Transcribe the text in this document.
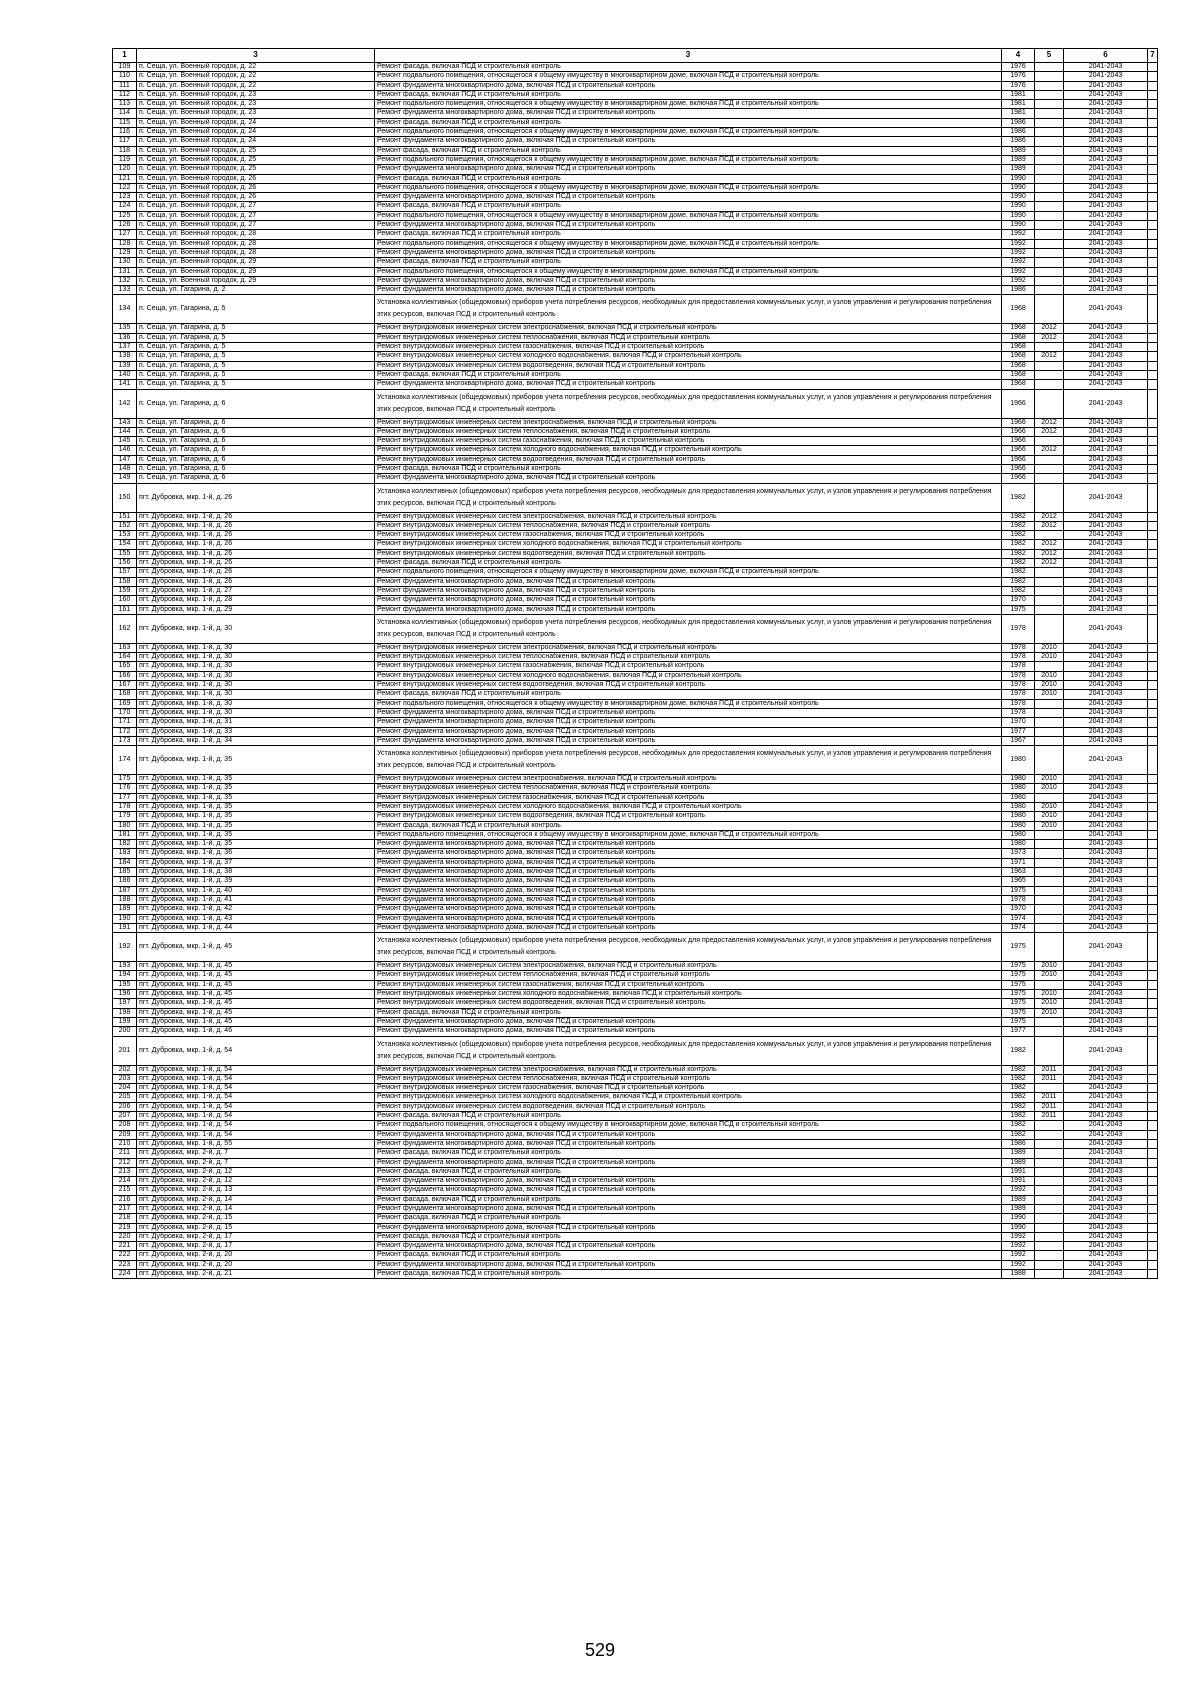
1	3	3	4	5	6	7
109	п. Сеща, ул. Военный городок, д. 22	Ремонт фасада, включая ПСД и строительный контроль	1976		2041-2043	
110	п. Сеща, ул. Военный городок, д. 22	Ремонт подвального помещения, относящегося к общему имуществу в многоквартирном доме, включая ПСД и строительный контроль	1976		2041-2043	
111	п. Сеща, ул. Военный городок, д. 22	Ремонт фундамента многоквартирного дома, включая ПСД и строительный контроль	1976		2041-2043	
112	п. Сеща, ул. Военный городок, д. 23	Ремонт фасада, включая ПСД и строительный контроль	1981		2041-2043	
113	п. Сеща, ул. Военный городок, д. 23	Ремонт подвального помещения, относящегося к общему имуществу в многоквартирном доме, включая ПСД и строительный контроль	1981		2041-2043	
114	п. Сеща, ул. Военный городок, д. 23	Ремонт фундамента многоквартирного дома, включая ПСД и строительный контроль	1981		2041-2043	
115	п. Сеща, ул. Военный городок, д. 24	Ремонт фасада, включая ПСД и строительный контроль	1986		2041-2043	
116	п. Сеща, ул. Военный городок, д. 24	Ремонт подвального помещения, относящегося к общему имуществу в многоквартирном доме, включая ПСД и строительный контроль	1986		2041-2043	
117	п. Сеща, ул. Военный городок, д. 24	Ремонт фундамента многоквартирного дома, включая ПСД и строительный контроль	1986		2041-2043	
118	п. Сеща, ул. Военный городок, д. 25	Ремонт фасада, включая ПСД и строительный контроль	1989		2041-2043	
119	п. Сеща, ул. Военный городок, д. 25	Ремонт подвального помещения, относящегося к общему имуществу в многоквартирном доме, включая ПСД и строительный контроль	1989		2041-2043	
120	п. Сеща, ул. Военный городок, д. 25	Ремонт фундамента многоквартирного дома, включая ПСД и строительный контроль	1989		2041-2043	
121	п. Сеща, ул. Военный городок, д. 26	Ремонт фасада, включая ПСД и строительный контроль	1990		2041-2043	
122	п. Сеща, ул. Военный городок, д. 26	Ремонт подвального помещения, относящегося к общему имуществу в многоквартирном доме, включая ПСД и строительный контроль	1990		2041-2043	
123	п. Сеща, ул. Военный городок, д. 26	Ремонт фундамента многоквартирного дома, включая ПСД и строительный контроль	1990		2041-2043	
124	п. Сеща, ул. Военный городок, д. 27	Ремонт фасада, включая ПСД и строительный контроль	1990		2041-2043	
125	п. Сеща, ул. Военный городок, д. 27	Ремонт подвального помещения, относящегося к общему имуществу в многоквартирном доме, включая ПСД и строительный контроль	1990		2041-2043	
126	п. Сеща, ул. Военный городок, д. 27	Ремонт фундамента многоквартирного дома, включая ПСД и строительный контроль	1990		2041-2043	
127	п. Сеща, ул. Военный городок, д. 28	Ремонт фасада, включая ПСД и строительный контроль	1992		2041-2043	
128	п. Сеща, ул. Военный городок, д. 28	Ремонт подвального помещения, относящегося к общему имуществу в многоквартирном доме, включая ПСД и строительный контроль	1992		2041-2043	
129	п. Сеща, ул. Военный городок, д. 28	Ремонт фундамента многоквартирного дома, включая ПСД и строительный контроль	1992		2041-2043	
130	п. Сеща, ул. Военный городок, д. 29	Ремонт фасада, включая ПСД и строительный контроль	1992		2041-2043	
131	п. Сеща, ул. Военный городок, д. 29	Ремонт подвального помещения, относящегося к общему имуществу в многоквартирном доме, включая ПСД и строительный контроль	1992		2041-2043	
132	п. Сеща, ул. Военный городок, д. 29	Ремонт фундамента многоквартирного дома, включая ПСД и строительный контроль	1992		2041-2043	
133	п. Сеща, ул. Гагарина, д. 2	Ремонт фундамента многоквартирного дома, включая ПСД и строительный контроль	1986		2041-2043	
134	п. Сеща, ул. Гагарина, д. 5	Установка коллективных (общедомовых) приборов учета потребления ресурсов, необходимых для предоставления коммунальных услуг, и узлов управления и регулирования потребления этих ресурсов, включая ПСД и строительный контроль	1968		2041-2043	
135	п. Сеща, ул. Гагарина, д. 5	Ремонт внутридомовых инженерных систем электроснабжения, включая ПСД и строительный контроль	1968	2012	2041-2043	
136	п. Сеща, ул. Гагарина, д. 5	Ремонт внутридомовых инженерных систем теплоснабжения, включая ПСД и строительный контроль	1968	2012	2041-2043	
137	п. Сеща, ул. Гагарина, д. 5	Ремонт внутридомовых инженерных систем газоснабжения, включая ПСД и строительный контроль	1968		2041-2043	
138	п. Сеща, ул. Гагарина, д. 5	Ремонт внутридомовых инженерных систем холодного водоснабжения, включая ПСД и строительный контроль	1968	2012	2041-2043	
139	п. Сеща, ул. Гагарина, д. 5	Ремонт внутридомовых инженерных систем водоотведения, включая ПСД и строительный контроль	1968		2041-2043	
140	п. Сеща, ул. Гагарина, д. 5	Ремонт фасада, включая ПСД и строительный контроль	1968		2041-2043	
141	п. Сеща, ул. Гагарина, д. 5	Ремонт фундамента многоквартирного дома, включая ПСД и строительный контроль	1968		2041-2043	
142	п. Сеща, ул. Гагарина, д. 6	Установка коллективных (общедомовых) приборов учета потребления ресурсов, необходимых для предоставления коммунальных услуг, и узлов управления и регулирования потребления этих ресурсов, включая ПСД и строительный контроль	1966		2041-2043	
143	п. Сеща, ул. Гагарина, д. 6	Ремонт внутридомовых инженерных систем электроснабжения, включая ПСД и строительный контроль	1966	2012	2041-2043	
144	п. Сеща, ул. Гагарина, д. 6	Ремонт внутридомовых инженерных систем теплоснабжения, включая ПСД и строительный контроль	1966	2012	2041-2043	
145	п. Сеща, ул. Гагарина, д. 6	Ремонт внутридомовых инженерных систем газоснабжения, включая ПСД и строительный контроль	1966		2041-2043	
146	п. Сеща, ул. Гагарина, д. 6	Ремонт внутридомовых инженерных систем холодного водоснабжения, включая ПСД и строительный контроль	1966	2012	2041-2043	
147	п. Сеща, ул. Гагарина, д. 6	Ремонт внутридомовых инженерных систем водоотведения, включая ПСД и строительный контроль	1966		2041-2043	
148	п. Сеща, ул. Гагарина, д. 6	Ремонт фасада, включая ПСД и строительный контроль	1966		2041-2043	
149	п. Сеща, ул. Гагарина, д. 6	Ремонт фундамента многоквартирного дома, включая ПСД и строительный контроль	1966		2041-2043	
150	пгт. Дубровка, мкр. 1-й, д. 26	Установка коллективных (общедомовых) приборов учета потребления ресурсов, необходимых для предоставления коммунальных услуг, и узлов управления и регулирования потребления этих ресурсов, включая ПСД и строительный контроль	1982		2041-2043	
151	пгт. Дубровка, мкр. 1-й, д. 26	Ремонт внутридомовых инженерных систем электроснабжения, включая ПСД и строительный контроль	1982	2012	2041-2043	
152	пгт. Дубровка, мкр. 1-й, д. 26	Ремонт внутридомовых инженерных систем теплоснабжения, включая ПСД и строительный контроль	1982	2012	2041-2043	
153	пгт. Дубровка, мкр. 1-й, д. 26	Ремонт внутридомовых инженерных систем газоснабжения, включая ПСД и строительный контроль	1982		2041-2043	
154	пгт. Дубровка, мкр. 1-й, д. 26	Ремонт внутридомовых инженерных систем холодного водоснабжения, включая ПСД и строительный контроль	1982	2012	2041-2043	
155	пгт. Дубровка, мкр. 1-й, д. 26	Ремонт внутридомовых инженерных систем водоотведения, включая ПСД и строительный контроль	1982	2012	2041-2043	
156	пгт. Дубровка, мкр. 1-й, д. 26	Ремонт фасада, включая ПСД и строительный контроль	1982	2012	2041-2043	
157	пгт. Дубровка, мкр. 1-й, д. 26	Ремонт подвального помещения, относящегося к общему имуществу в многоквартирном доме, включая ПСД и строительный контроль	1982		2041-2043	
158	пгт. Дубровка, мкр. 1-й, д. 26	Ремонт фундамента многоквартирного дома, включая ПСД и строительный контроль	1982		2041-2043	
159	пгт. Дубровка, мкр. 1-й, д. 27	Ремонт фундамента многоквартирного дома, включая ПСД и строительный контроль	1982		2041-2043	
160	пгт. Дубровка, мкр. 1-й, д. 28	Ремонт фундамента многоквартирного дома, включая ПСД и строительный контроль	1970		2041-2043	
161	пгт. Дубровка, мкр. 1-й, д. 29	Ремонт фундамента многоквартирного дома, включая ПСД и строительный контроль	1975		2041-2043	
162	пгт. Дубровка, мкр. 1-й, д. 30	Установка коллективных (общедомовых) приборов учета потребления ресурсов, необходимых для предоставления коммунальных услуг, и узлов управления и регулирования потребления этих ресурсов, включая ПСД и строительный контроль	1978		2041-2043	
163	пгт. Дубровка, мкр. 1-й, д. 30	Ремонт внутридомовых инженерных систем электроснабжения, включая ПСД и строительный контроль	1978	2010	2041-2043	
164	пгт. Дубровка, мкр. 1-й, д. 30	Ремонт внутридомовых инженерных систем теплоснабжения, включая ПСД и строительный контроль	1978	2010	2041-2043	
165	пгт. Дубровка, мкр. 1-й, д. 30	Ремонт внутридомовых инженерных систем газоснабжения, включая ПСД и строительный контроль	1978		2041-2043	
166	пгт. Дубровка, мкр. 1-й, д. 30	Ремонт внутридомовых инженерных систем холодного водоснабжения, включая ПСД и строительный контроль	1978	2010	2041-2043	
167	пгт. Дубровка, мкр. 1-й, д. 30	Ремонт внутридомовых инженерных систем водоотведения, включая ПСД и строительный контроль	1978	2010	2041-2043	
168	пгт. Дубровка, мкр. 1-й, д. 30	Ремонт фасада, включая ПСД и строительный контроль	1978	2010	2041-2043	
169	пгт. Дубровка, мкр. 1-й, д. 30	Ремонт подвального помещения, относящегося к общему имуществу в многоквартирном доме, включая ПСД и строительный контроль	1978		2041-2043	
170	пгт. Дубровка, мкр. 1-й, д. 30	Ремонт фундамента многоквартирного дома, включая ПСД и строительный контроль	1978		2041-2043	
171	пгт. Дубровка, мкр. 1-й, д. 31	Ремонт фундамента многоквартирного дома, включая ПСД и строительный контроль	1970		2041-2043	
172	пгт. Дубровка, мкр. 1-й, д. 33	Ремонт фундамента многоквартирного дома, включая ПСД и строительный контроль	1977		2041-2043	
173	пгт. Дубровка, мкр. 1-й, д. 34	Ремонт фундамента многоквартирного дома, включая ПСД и строительный контроль	1967		2041-2043	
174	пгт. Дубровка, мкр. 1-й, д. 35	Установка коллективных (общедомовых) приборов учета потребления ресурсов, необходимых для предоставления коммунальных услуг, и узлов управления и регулирования потребления этих ресурсов, включая ПСД и строительный контроль	1980		2041-2043	
175	пгт. Дубровка, мкр. 1-й, д. 35	Ремонт внутридомовых инженерных систем электроснабжения, включая ПСД и строительный контроль	1980	2010	2041-2043	
176	пгт. Дубровка, мкр. 1-й, д. 35	Ремонт внутридомовых инженерных систем теплоснабжения, включая ПСД и строительный контроль	1980	2010	2041-2043	
177	пгт. Дубровка, мкр. 1-й, д. 35	Ремонт внутридомовых инженерных систем газоснабжения, включая ПСД и строительный контроль	1980		2041-2043	
178	пгт. Дубровка, мкр. 1-й, д. 35	Ремонт внутридомовых инженерных систем холодного водоснабжения, включая ПСД и строительный контроль	1980	2010	2041-2043	
179	пгт. Дубровка, мкр. 1-й, д. 35	Ремонт внутридомовых инженерных систем водоотведения, включая ПСД и строительный контроль	1980	2010	2041-2043	
180	пгт. Дубровка, мкр. 1-й, д. 35	Ремонт фасада, включая ПСД и строительный контроль	1980	2010	2041-2043	
181	пгт. Дубровка, мкр. 1-й, д. 35	Ремонт подвального помещения, относящегося к общему имуществу в многоквартирном доме, включая ПСД и строительный контроль	1980		2041-2043	
182	пгт. Дубровка, мкр. 1-й, д. 35	Ремонт фундамента многоквартирного дома, включая ПСД и строительный контроль	1980		2041-2043	
183	пгт. Дубровка, мкр. 1-й, д. 36	Ремонт фундамента многоквартирного дома, включая ПСД и строительный контроль	1973		2041-2043	
184	пгт. Дубровка, мкр. 1-й, д. 37	Ремонт фундамента многоквартирного дома, включая ПСД и строительный контроль	1971		2041-2043	
185	пгт. Дубровка, мкр. 1-й, д. 38	Ремонт фундамента многоквартирного дома, включая ПСД и строительный контроль	1963		2041-2043	
186	пгт. Дубровка, мкр. 1-й, д. 39	Ремонт фундамента многоквартирного дома, включая ПСД и строительный контроль	1965		2041-2043	
187	пгт. Дубровка, мкр. 1-й, д. 40	Ремонт фундамента многоквартирного дома, включая ПСД и строительный контроль	1975		2041-2043	
188	пгт. Дубровка, мкр. 1-й, д. 41	Ремонт фундамента многоквартирного дома, включая ПСД и строительный контроль	1978		2041-2043	
189	пгт. Дубровка, мкр. 1-й, д. 42	Ремонт фундамента многоквартирного дома, включая ПСД и строительный контроль	1970		2041-2043	
190	пгт. Дубровка, мкр. 1-й, д. 43	Ремонт фундамента многоквартирного дома, включая ПСД и строительный контроль	1974		2041-2043	
191	пгт. Дубровка, мкр. 1-й, д. 44	Ремонт фундамента многоквартирного дома, включая ПСД и строительный контроль	1974		2041-2043	
192	пгт. Дубровка, мкр. 1-й, д. 45	Установка коллективных (общедомовых) приборов учета потребления ресурсов, необходимых для предоставления коммунальных услуг, и узлов управления и регулирования потребления этих ресурсов, включая ПСД и строительный контроль	1975		2041-2043	
193	пгт. Дубровка, мкр. 1-й, д. 45	Ремонт внутридомовых инженерных систем электроснабжения, включая ПСД и строительный контроль	1975	2010	2041-2043	
194	пгт. Дубровка, мкр. 1-й, д. 45	Ремонт внутридомовых инженерных систем теплоснабжения, включая ПСД и строительный контроль	1975	2010	2041-2043	
195	пгт. Дубровка, мкр. 1-й, д. 45	Ремонт внутридомовых инженерных систем газоснабжения, включая ПСД и строительный контроль	1975		2041-2043	
196	пгт. Дубровка, мкр. 1-й, д. 45	Ремонт внутридомовых инженерных систем холодного водоснабжения, включая ПСД и строительный контроль	1975	2010	2041-2043	
197	пгт. Дубровка, мкр. 1-й, д. 45	Ремонт внутридомовых инженерных систем водоотведения, включая ПСД и строительный контроль	1975	2010	2041-2043	
198	пгт. Дубровка, мкр. 1-й, д. 45	Ремонт фасада, включая ПСД и строительный контроль	1975	2010	2041-2043	
199	пгт. Дубровка, мкр. 1-й, д. 45	Ремонт фундамента многоквартирного дома, включая ПСД и строительный контроль	1975		2041-2043	
200	пгт. Дубровка, мкр. 1-й, д. 46	Ремонт фундамента многоквартирного дома, включая ПСД и строительный контроль	1977		2041-2043	
201	пгт. Дубровка, мкр. 1-й, д. 54	Установка коллективных (общедомовых) приборов учета потребления ресурсов, необходимых для предоставления коммунальных услуг, и узлов управления и регулирования потребления этих ресурсов, включая ПСД и строительный контроль	1982		2041-2043	
202	пгт. Дубровка, мкр. 1-й, д. 54	Ремонт внутридомовых инженерных систем электроснабжения, включая ПСД и строительный контроль	1982	2011	2041-2043	
203	пгт. Дубровка, мкр. 1-й, д. 54	Ремонт внутридомовых инженерных систем теплоснабжения, включая ПСД и строительный контроль	1982	2011	2041-2043	
204	пгт. Дубровка, мкр. 1-й, д. 54	Ремонт внутридомовых инженерных систем газоснабжения, включая ПСД и строительный контроль	1982		2041-2043	
205	пгт. Дубровка, мкр. 1-й, д. 54	Ремонт внутридомовых инженерных систем холодного водоснабжения, включая ПСД и строительный контроль	1982	2011	2041-2043	
206	пгт. Дубровка, мкр. 1-й, д. 54	Ремонт внутридомовых инженерных систем водоотведения, включая ПСД и строительный контроль	1982	2011	2041-2043	
207	пгт. Дубровка, мкр. 1-й, д. 54	Ремонт фасада, включая ПСД и строительный контроль	1982	2011	2041-2043	
208	пгт. Дубровка, мкр. 1-й, д. 54	Ремонт подвального помещения, относящегося к общему имуществу в многоквартирном доме, включая ПСД и строительный контроль	1982		2041-2043	
209	пгт. Дубровка, мкр. 1-й, д. 54	Ремонт фундамента многоквартирного дома, включая ПСД и строительный контроль	1982		2041-2043	
210	пгт. Дубровка, мкр. 1-й, д. 55	Ремонт фундамента многоквартирного дома, включая ПСД и строительный контроль	1986		2041-2043	
211	пгт. Дубровка, мкр. 2-й, д. 7	Ремонт фасада, включая ПСД и строительный контроль	1989		2041-2043	
212	пгт. Дубровка, мкр. 2-й, д. 7	Ремонт фундамента многоквартирного дома, включая ПСД и строительный контроль	1989		2041-2043	
213	пгт. Дубровка, мкр. 2-й, д. 12	Ремонт фасада, включая ПСД и строительный контроль	1991		2041-2043	
214	пгт. Дубровка, мкр. 2-й, д. 12	Ремонт фундамента многоквартирного дома, включая ПСД и строительный контроль	1991		2041-2043	
215	пгт. Дубровка, мкр. 2-й, д. 13	Ремонт фундамента многоквартирного дома, включая ПСД и строительный контроль	1992		2041-2043	
216	пгт. Дубровка, мкр. 2-й, д. 14	Ремонт фасада, включая ПСД и строительный контроль	1989		2041-2043	
217	пгт. Дубровка, мкр. 2-й, д. 14	Ремонт фундамента многоквартирного дома, включая ПСД и строительный контроль	1989		2041-2043	
218	пгт. Дубровка, мкр. 2-й, д. 15	Ремонт фасада, включая ПСД и строительный контроль	1990		2041-2043	
219	пгт. Дубровка, мкр. 2-й, д. 15	Ремонт фундамента многоквартирного дома, включая ПСД и строительный контроль	1990		2041-2043	
220	пгт. Дубровка, мкр. 2-й, д. 17	Ремонт фасада, включая ПСД и строительный контроль	1992		2041-2043	
221	пгт. Дубровка, мкр. 2-й, д. 17	Ремонт фундамента многоквартирного дома, включая ПСД и строительный контроль	1992		2041-2043	
222	пгт. Дубровка, мкр. 2-й, д. 20	Ремонт фасада, включая ПСД и строительный контроль	1992		2041-2043	
223	пгт. Дубровка, мкр. 2-й, д. 20	Ремонт фундамента многоквартирного дома, включая ПСД и строительный контроль	1992		2041-2043	
224	пгт. Дубровка, мкр. 2-й, д. 21	Ремонт фасада, включая ПСД и строительный контроль	1988		2041-2043	
529
